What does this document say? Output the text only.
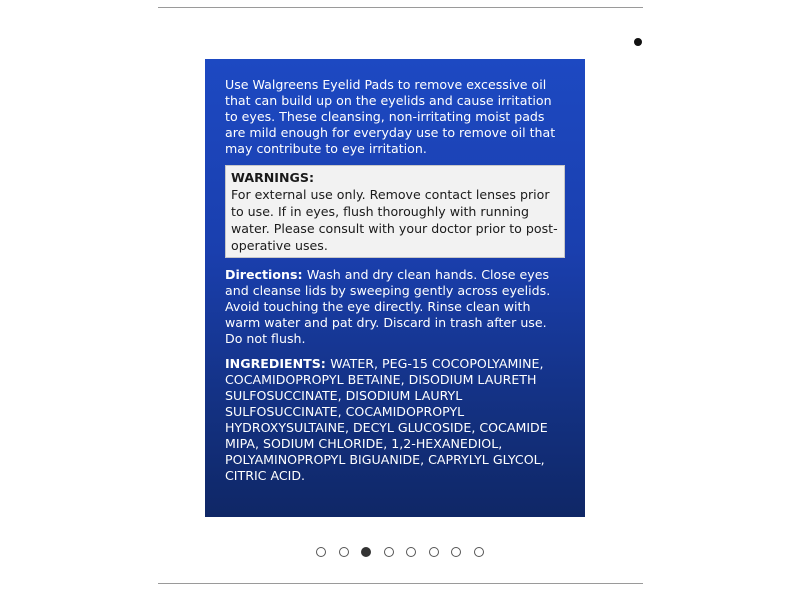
Use Walgreens Eyelid Pads to remove excessive oil that can build up on the eyelids and cause irritation to eyes. These cleansing, non-irritating moist pads are mild enough for everyday use to remove oil that may contribute to eye irritation.

WARNINGS:
For external use only. Remove contact lenses prior to use. If in eyes, flush thoroughly with running water. Please consult with your doctor prior to post-operative uses.

Directions: Wash and dry clean hands. Close eyes and cleanse lids by sweeping gently across eyelids. Avoid touching the eye directly. Rinse clean with warm water and pat dry. Discard in trash after use. Do not flush.

INGREDIENTS: WATER, PEG-15 COCOPOLYAMINE, COCAMIDOPROPYL BETAINE, DISODIUM LAURETH SULFOSUCCINATE, DISODIUM LAURYL SULFOSUCCINATE, COCAMIDOPROPYL HYDROXYSULTAINE, DECYL GLUCOSIDE, COCAMIDE MIPA, SODIUM CHLORIDE, 1,2-HEXANEDIOL, POLYAMINOPROPYL BIGUANIDE, CAPRYLYL GLYCOL, CITRIC ACID.
